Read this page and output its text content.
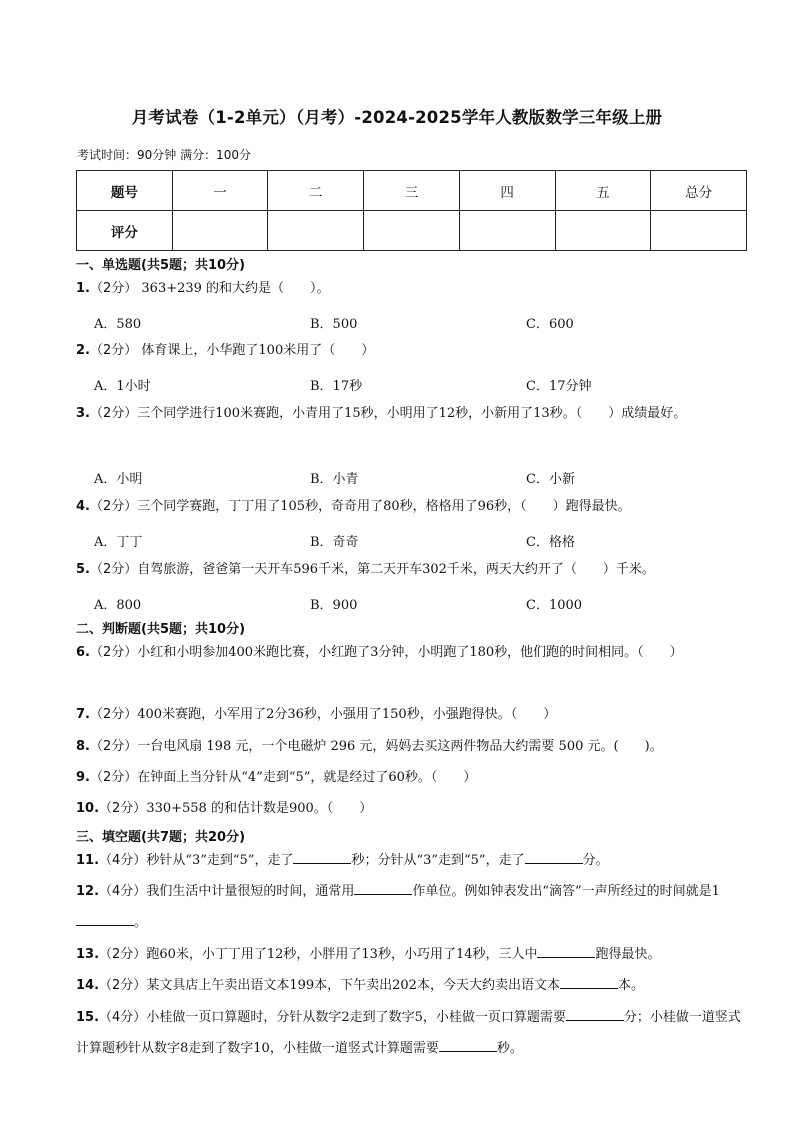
月考试卷（1-2单元）（月考）-2024-2025学年人教版数学三年级上册
考试时间：90分钟 满分：100分
题号	一	二	三	四	五	总分
评分						
一、单选题(共5题；共10分)
1.（2分） 363+239 的和大约是（　　）。
A．580	B．500	C．600
2.（2分） 体育课上，小华跑了100米用了（　　）
A．1小时	B．17秒	C．17分钟
3.（2分）三个同学进行100米赛跑，小青用了15秒，小明用了12秒，小新用了13秒。（　　）成绩最好。
A．小明	B．小青	C．小新
4.（2分）三个同学赛跑，丁丁用了105秒，奇奇用了80秒，格格用了96秒，（　　）跑得最快。
A．丁丁	B．奇奇	C．格格
5.（2分）自驾旅游，爸爸第一天开车596千米，第二天开车302千米，两天大约开了（　　）千米。
A．800	B．900	C．1000
二、判断题(共5题；共10分)
6.（2分）小红和小明参加400米跑比赛，小红跑了3分钟，小明跑了180秒，他们跑的时间相同。（　　）
7.（2分）400米赛跑，小军用了2分36秒，小强用了150秒，小强跑得快。（　　）
8.（2分）一台电风扇 198 元，一个电磁炉 296 元，妈妈去买这两件物品大约需要 500 元。(　　)。
9.（2分）在钟面上当分针从“4”走到“5”，就是经过了60秒。（　　）
10.（2分）330+558 的和估计数是900。（　　）
三、填空题(共7题；共20分)
11.（4分）秒针从“3”走到“5”，走了	秒；分针从“3”走到“5”，走了	分。
12.（4分）我们生活中计量很短的时间，通常用	作单位。例如钟表发出“滴答”一声所经过的时间就是1。
13.（2分）跑60米，小丁丁用了12秒，小胖用了13秒，小巧用了14秒，三人中	跑得最快。
14.（2分）某文具店上午卖出语文本199本，下午卖出202本，今天大约卖出语文本	本。
15.（4分）小桂做一页口算题时，分针从数字2走到了数字5，小桂做一页口算题需要	分；小桂做一道竖式计算题秒针从数字8走到了数字10，小桂做一道竖式计算题需要	秒。
